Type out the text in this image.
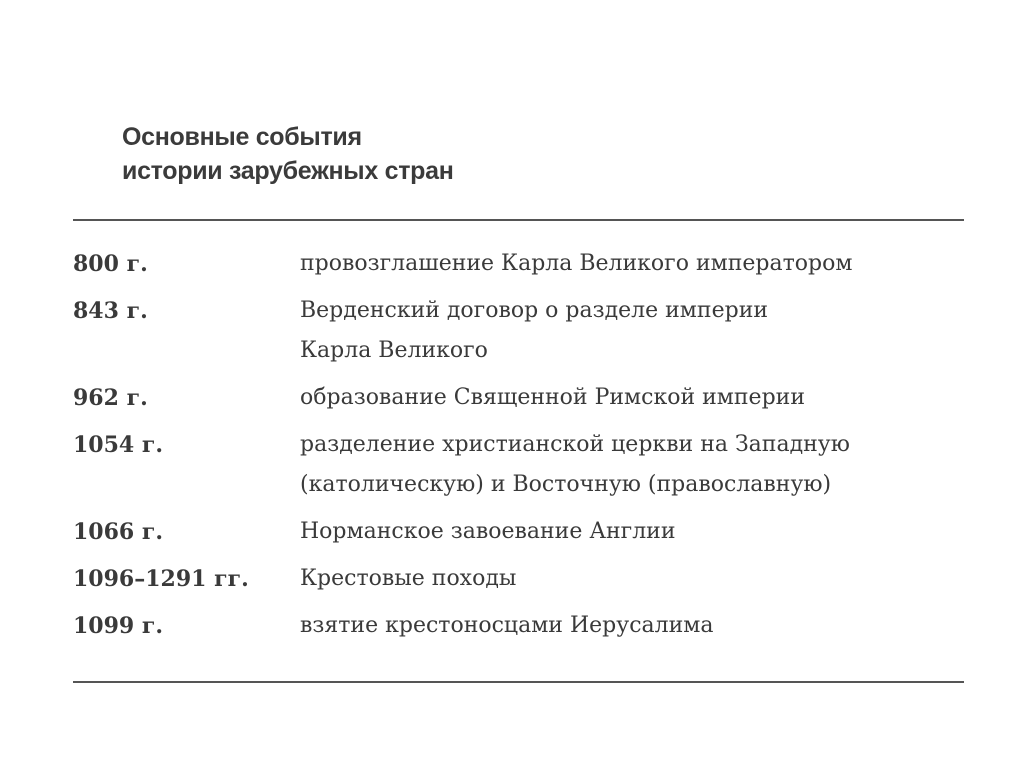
Основные события
истории зарубежных стран
800 г.	провозглашение Карла Великого императором
843 г.	Верденский договор о разделе империи
Карла Великого
962 г.	образование Священной Римской империи
1054 г.	разделение христианской церкви на Западную
(католическую) и Восточную (православную)
1066 г.	Норманское завоевание Англии
1096–1291 гг.	Крестовые походы
1099 г.	взятие крестоносцами Иерусалима
